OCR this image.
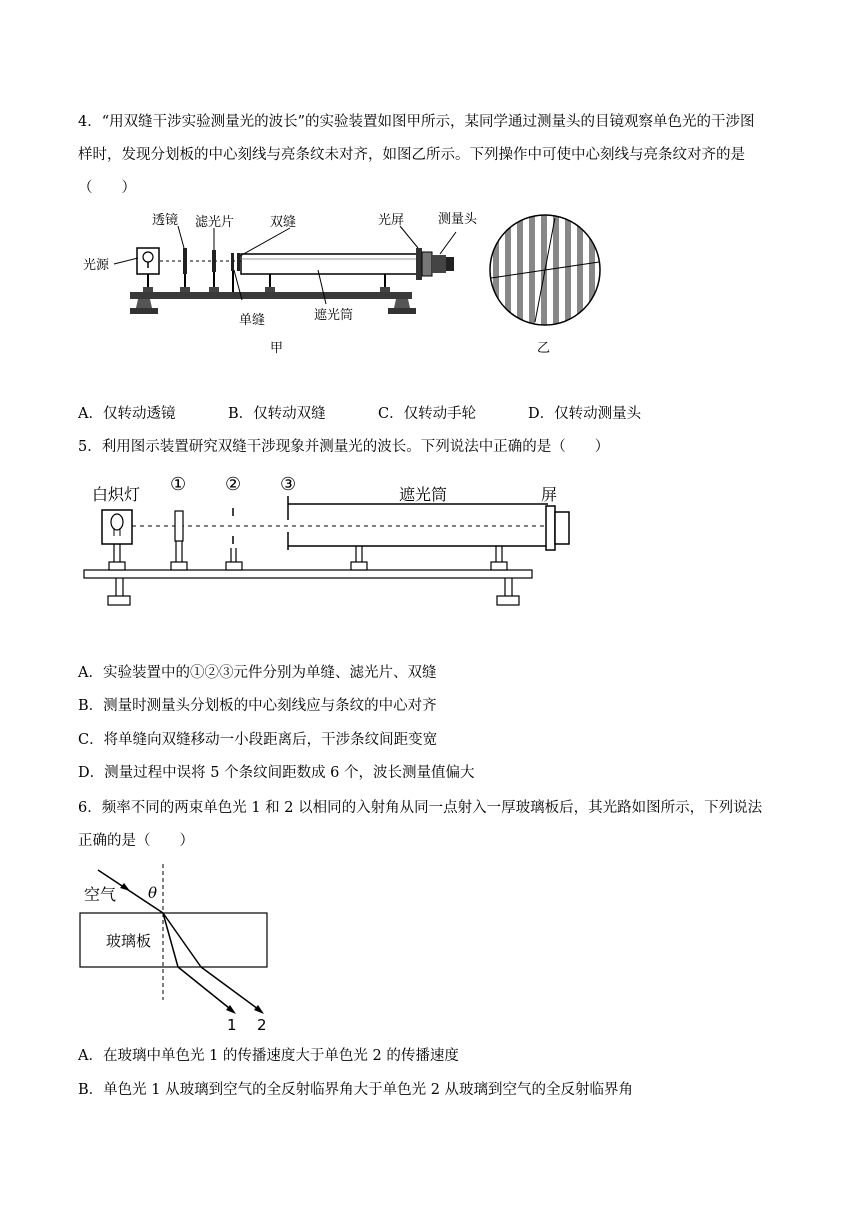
4．“用双缝干涉实验测量光的波长”的实验装置如图甲所示，某同学通过测量头的目镜观察单色光的干涉图
样时，发现分划板的中心刻线与亮条纹未对齐，如图乙所示。下列操作中可使中心刻线与亮条纹对齐的是
（　　）
光源
透镜 滤光片	双缝
单缝	遮光筒
光屏	测量头
甲	乙
A．仅转动透镜	B．仅转动双缝	C．仅转动手轮	D．仅转动测量头
5．利用图示装置研究双缝干涉现象并测量光的波长。下列说法中正确的是（　　）
白炽灯 ① ② ③	遮光筒	屏
A．实验装置中的①②③元件分别为单缝、滤光片、双缝
B．测量时测量头分划板的中心刻线应与条纹的中心对齐
C．将单缝向双缝移动一小段距离后，干涉条纹间距变宽
D．测量过程中误将 5 个条纹间距数成 6 个，波长测量值偏大
6．频率不同的两束单色光 1 和 2 以相同的入射角从同一点射入一厚玻璃板后，其光路如图所示，下列说法
正确的是（　　）
空气 θ
玻璃板
1 2
A．在玻璃中单色光 1 的传播速度大于单色光 2 的传播速度
B．单色光 1 从玻璃到空气的全反射临界角大于单色光 2 从玻璃到空气的全反射临界角
